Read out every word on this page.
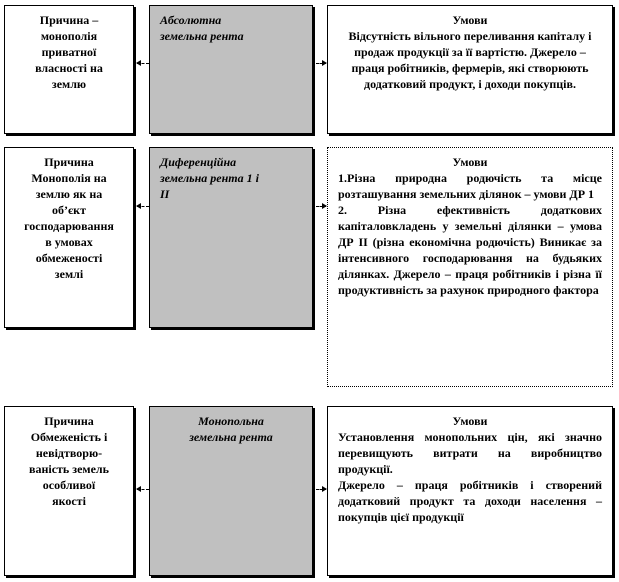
Причина –
монополія
приватної
власності на
землю
Абсолютна
земельна рента
Умови

Відсутність вільного переливання капіталу і продаж продукції за її вартістю. Джерело – праця робітників, фермерів, які створюють додатковий продукт, і доходи покупців.

Причина
Монополія на
землю як на
об’єкт
господарювання
в умовах
обмеженості
землі
Диференційна
земельна рента 1 і
ІІ
Умови

1.Різна природна родючість та місце розташування земельних ділянок – умови ДР 1

2. Різна ефективність додаткових капіталовкладень у земельні ділянки – умова ДР ІІ (різна економічна родючість) Виникає за інтенсивного господарювання на будьяких ділянках. Джерело – праця робітників і різна її продуктивність за рахунок природного фактора

Причина
Обмеженість і
невідтворю-
ваність земель
особливої
якості
Монопольна
земельна рента
Умови

Установлення монопольних цін, які значно перевищують витрати на виробництво продукції.

Джерело – праця робітників і створений додатковий продукт та доходи населення – покупців цієї продукції
